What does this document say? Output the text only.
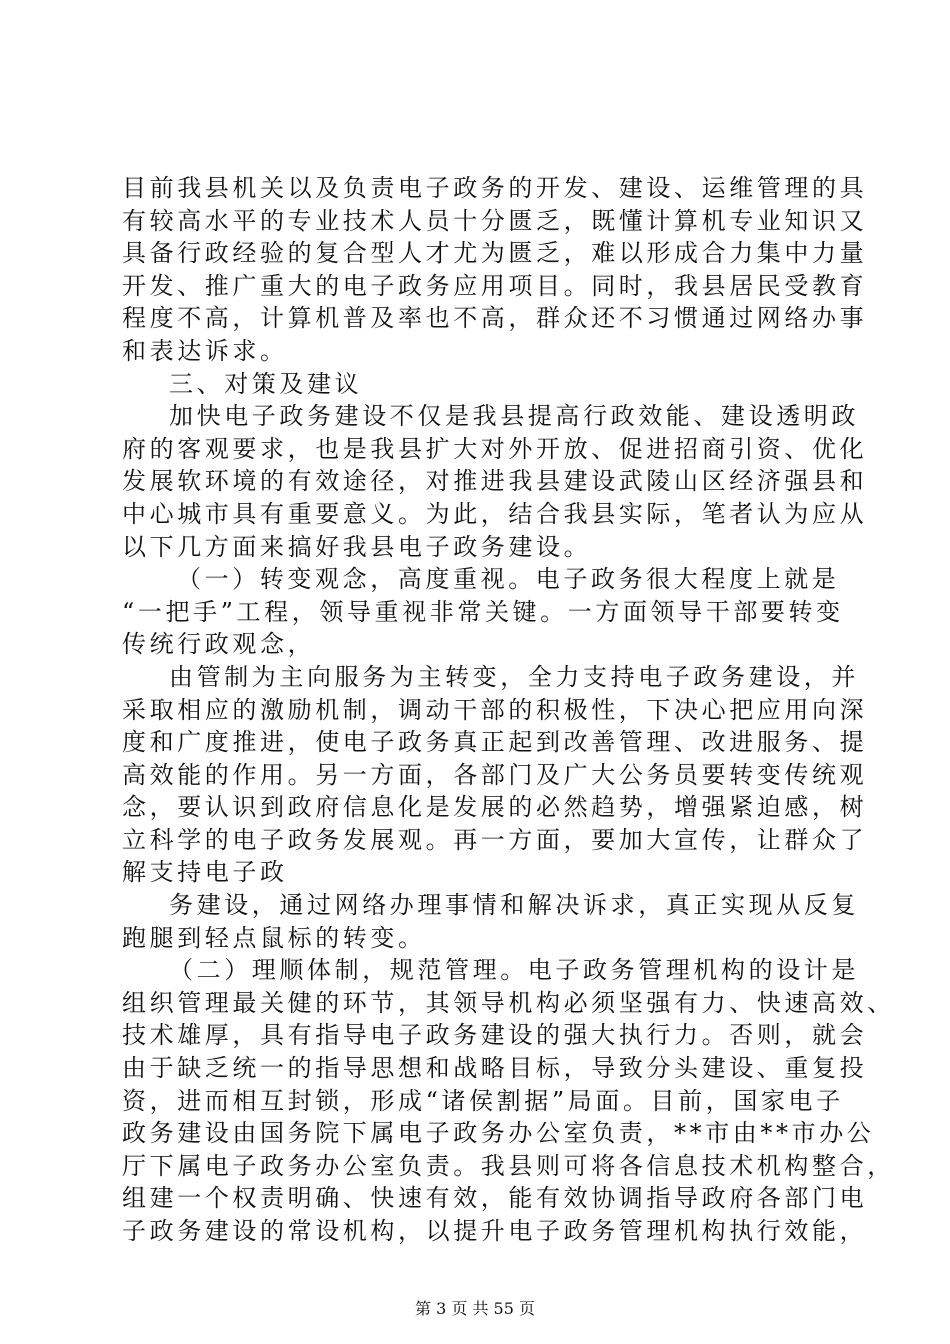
目前我县机关以及负责电子政务的开发、建设、运维管理的具
有较高水平的专业技术人员十分匮乏，既懂计算机专业知识又
具备行政经验的复合型人才尤为匮乏，难以形成合力集中力量
开发、推广重大的电子政务应用项目。同时，我县居民受教育
程度不高，计算机普及率也不高，群众还不习惯通过网络办事
和表达诉求。
三、对策及建议
加快电子政务建设不仅是我县提高行政效能、建设透明政
府的客观要求，也是我县扩大对外开放、促进招商引资、优化
发展软环境的有效途径，对推进我县建设武陵山区经济强县和
中心城市具有重要意义。为此，结合我县实际，笔者认为应从
以下几方面来搞好我县电子政务建设。
（一）转变观念，高度重视。电子政务很大程度上就是
“一把手”工程，领导重视非常关键。一方面领导干部要转变
传统行政观念，
由管制为主向服务为主转变，全力支持电子政务建设，并
采取相应的激励机制，调动干部的积极性，下决心把应用向深
度和广度推进，使电子政务真正起到改善管理、改进服务、提
高效能的作用。另一方面，各部门及广大公务员要转变传统观
念，要认识到政府信息化是发展的必然趋势，增强紧迫感，树
立科学的电子政务发展观。再一方面，要加大宣传，让群众了
解支持电子政
务建设，通过网络办理事情和解决诉求，真正实现从反复
跑腿到轻点鼠标的转变。
（二）理顺体制，规范管理。电子政务管理机构的设计是
组织管理最关健的环节，其领导机构必须坚强有力、快速高效、
技术雄厚，具有指导电子政务建设的强大执行力。否则，就会
由于缺乏统一的指导思想和战略目标，导致分头建设、重复投
资，进而相互封锁，形成“诸侯割据”局面。目前，国家电子
政务建设由国务院下属电子政务办公室负责，**市由**市办公
厅下属电子政务办公室负责。我县则可将各信息技术机构整合，
组建一个权责明确、快速有效，能有效协调指导政府各部门电
子政务建设的常设机构，以提升电子政务管理机构执行效能，
第 3 页 共 55 页
